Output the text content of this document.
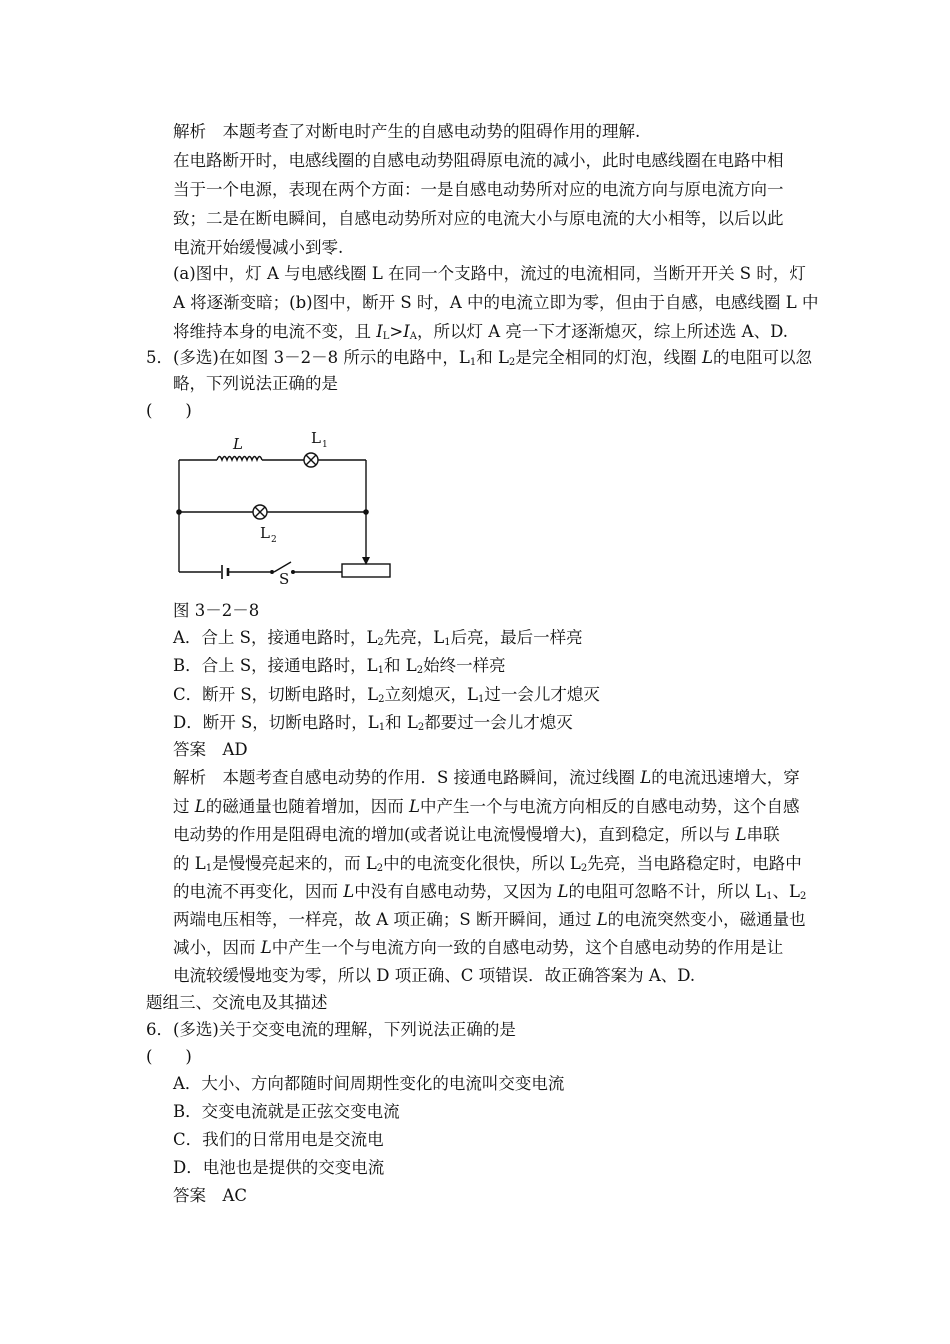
解析　本题考查了对断电时产生的自感电动势的阻碍作用的理解.
在电路断开时，电感线圈的自感电动势阻碍原电流的减小，此时电感线圈在电路中相
当于一个电源，表现在两个方面：一是自感电动势所对应的电流方向与原电流方向一
致；二是在断电瞬间，自感电动势所对应的电流大小与原电流的大小相等，以后以此
电流开始缓慢减小到零.
(a)图中，灯 A 与电感线圈 L 在同一个支路中，流过的电流相同，当断开开关 S 时，灯
A 将逐渐变暗；(b)图中，断开 S 时，A 中的电流立即为零，但由于自感，电感线圈 L 中
将维持本身的电流不变，且 $I_L>I_A$，所以灯 A 亮一下才逐渐熄灭，综上所述选 A、D.
5．(多选)在如图 3－2－8 所示的电路中，$L_1$和 $L_2$是完全相同的灯泡，线圈 L的电阻可以忽
略，下列说法正确的是
(　　)
L	L 1
L 2
S
图 3－2－8
A．合上 S，接通电路时，$L_2$先亮，$L_1$后亮，最后一样亮
B．合上 S，接通电路时，$L_1$和 $L_2$始终一样亮
C．断开 S，切断电路时，$L_2$立刻熄灭，$L_1$过一会儿才熄灭
D．断开 S，切断电路时，$L_1$和 $L_2$都要过一会儿才熄灭
答案　AD
解析　本题考查自感电动势的作用．S 接通电路瞬间，流过线圈 L的电流迅速增大，穿
过 L的磁通量也随着增加，因而 L中产生一个与电流方向相反的自感电动势，这个自感
电动势的作用是阻碍电流的增加(或者说让电流慢慢增大)，直到稳定，所以与 L串联
的 $L_1$是慢慢亮起来的，而 $L_2$中的电流变化很快，所以 $L_2$先亮，当电路稳定时，电路中
的电流不再变化，因而 L中没有自感电动势，又因为 L的电阻可忽略不计，所以 $L_1$、$L_2$
两端电压相等，一样亮，故 A 项正确；S 断开瞬间，通过 L的电流突然变小，磁通量也
减小，因而 L中产生一个与电流方向一致的自感电动势，这个自感电动势的作用是让
电流较缓慢地变为零，所以 D 项正确、C 项错误．故正确答案为 A、D.
题组三、交流电及其描述
6．(多选)关于交变电流的理解，下列说法正确的是
(　　)
A．大小、方向都随时间周期性变化的电流叫交变电流
B．交变电流就是正弦交变电流
C．我们的日常用电是交流电
D．电池也是提供的交变电流
答案　AC
